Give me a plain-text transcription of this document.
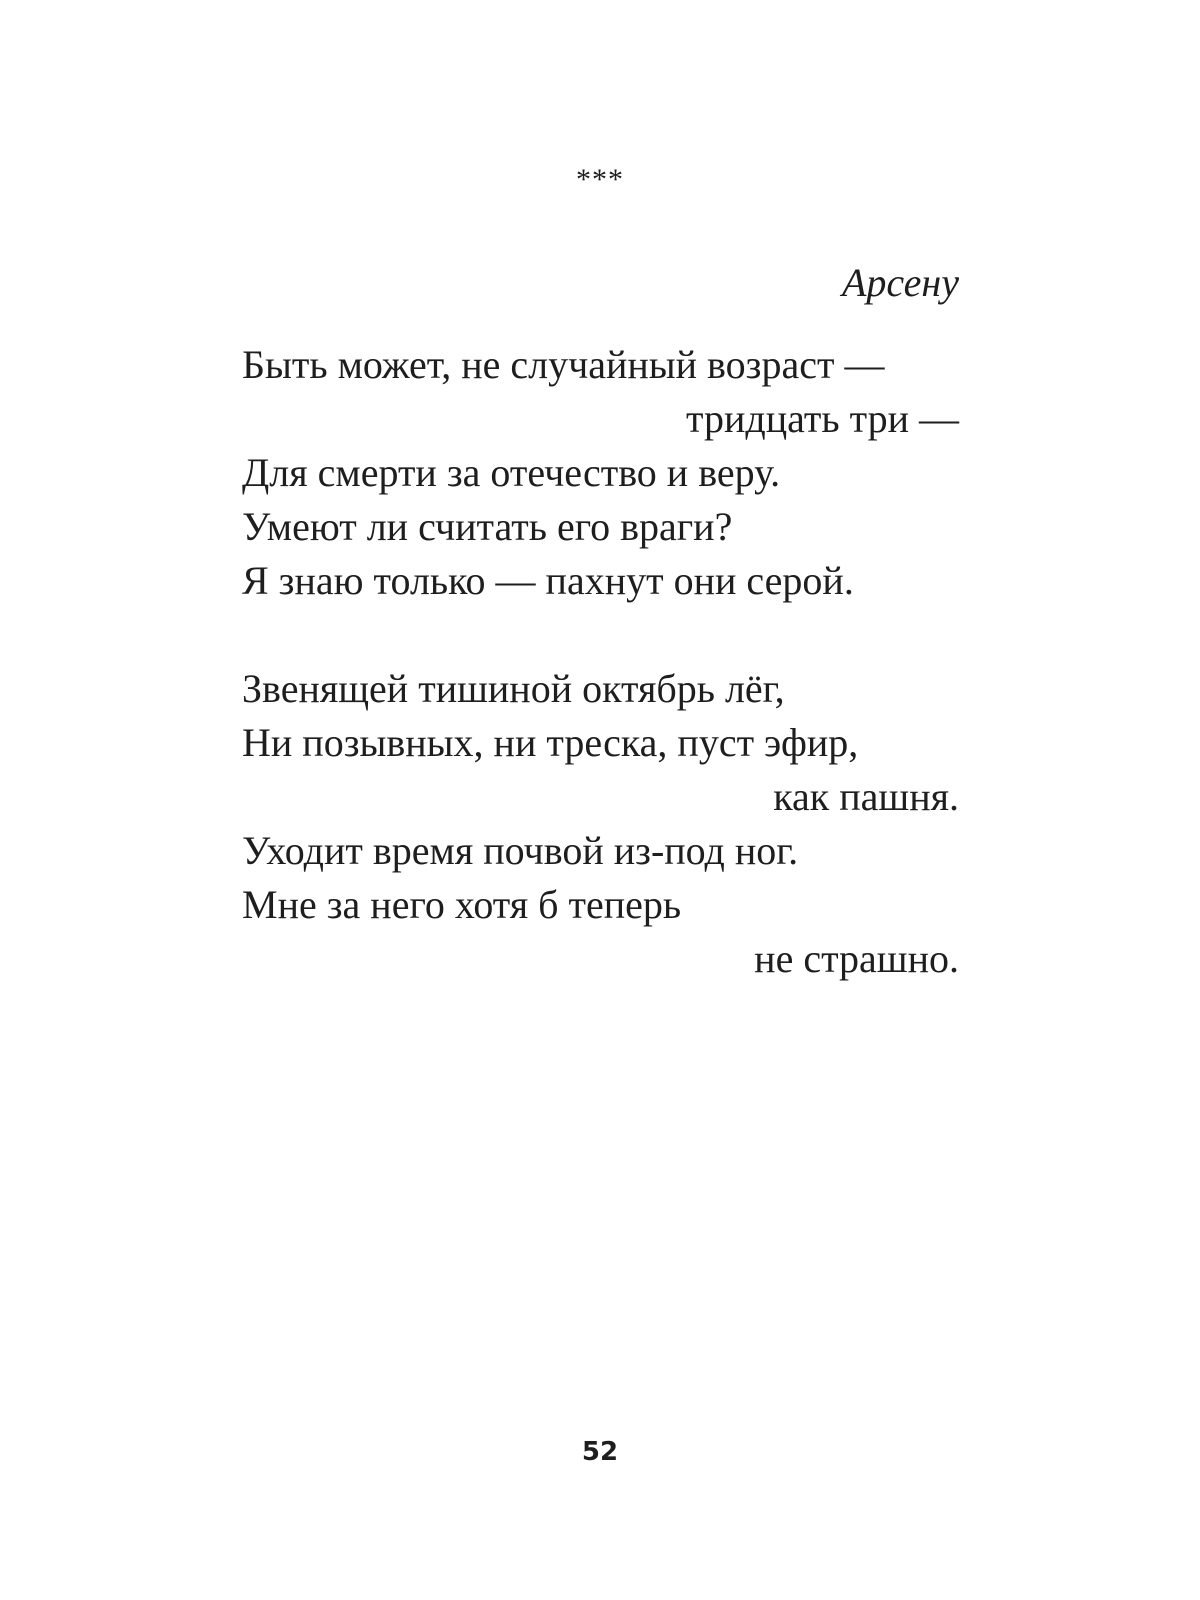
***
Арсену
Быть может, не случайный возраст —
тридцать три —
Для смерти за отечество и веру.
Умеют ли считать его враги?
Я знаю только — пахнут они серой.
Звенящей тишиной октябрь лёг,
Ни позывных, ни треска, пуст эфир,
как пашня.
Уходит время почвой из-под ног.
Мне за него хотя б теперь
не страшно.
52
